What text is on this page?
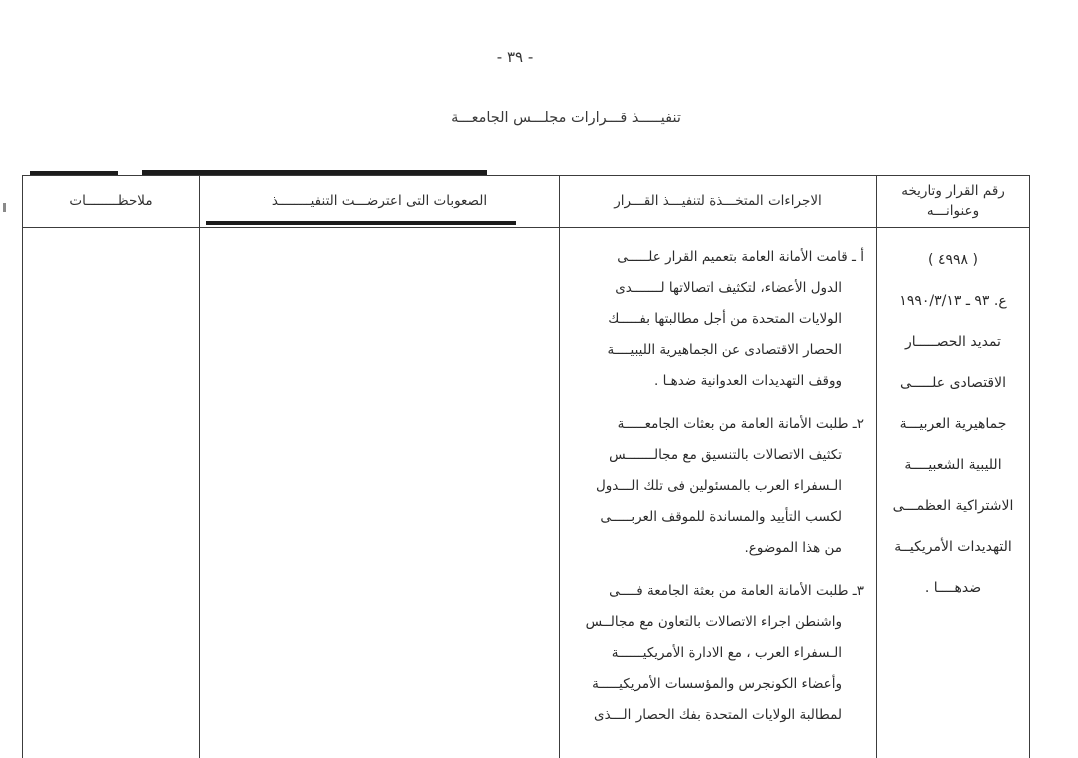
- ٣٩ -
تنفيـــــذ قـــرارات مجلـــس الجامعـــة
رقم القرار وتاريخه
وعنوانـــه
( ٤٩٩٨ )
ع. ٩٣ ـ ١٩٩٠/٣/١٣
تمديد الحصـــــار
الاقتصادى علـــــى
جماهيرية العربيـــة
الليبية الشعبيــــة
الاشتراكية العظمـــى
التهديدات الأمريكيــة
ضدهــــا .
الاجراءات المتخـــذة لتنفيـــذ القـــرار
أ ـ قامت الأمانة العامة بتعميم القرار علـــــى
الدول الأعضاء، لتكثيف اتصالاتها لـــــــدى
الولايات المتحدة من أجل مطالبتها بفـــــك
الحصار الاقتصادى عن الجماهيرية الليبيــــة
ووقف التهديدات العدوانية ضدهـا .
٢ـ طلبت الأمانة العامة من بعثات الجامعـــــة
تكثيف الاتصالات بالتنسيق مع مجالـــــــس
الـسفراء العرب بالمسئولين فى تلك الـــدول
لكسب التأييد والمساندة للموقف العربـــــى
من هذا الموضوع.
٣ـ طلبت الأمانة العامة من بعثة الجامعة فــــى
واشنطن اجراء الاتصالات بالتعاون مع مجالــس
الـسفراء العرب ، مع الادارة الأمريكيــــــة
وأعضاء الكونجرس والمؤسسات الأمريكيـــــة
لمطالبة الولايات المتحدة بفك الحصار الـــذى
الصعوبات التى اعترضـــت التنفيــــــــذ
ملاحظــــــــات
